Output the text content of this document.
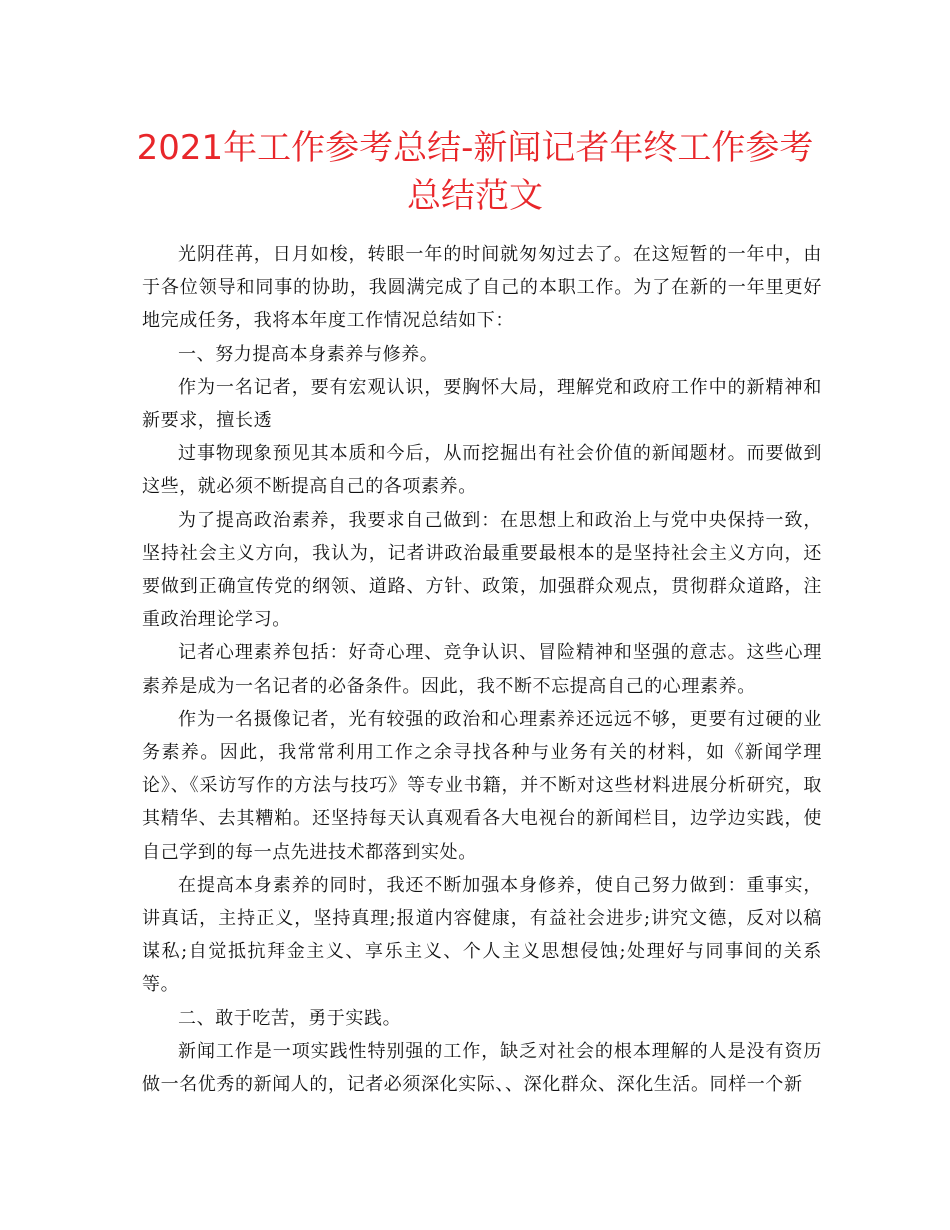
2021年工作参考总结-新闻记者年终工作参考总结范文

光阴荏苒，日月如梭，转眼一年的时间就匆匆过去了。在这短暂的一年中，由于各位领导和同事的协助，我圆满完成了自己的本职工作。为了在新的一年里更好地完成任务，我将本年度工作情况总结如下：

一、努力提高本身素养与修养。

作为一名记者，要有宏观认识，要胸怀大局，理解党和政府工作中的新精神和新要求，擅长透

过事物现象预见其本质和今后，从而挖掘出有社会价值的新闻题材。而要做到这些，就必须不断提高自己的各项素养。

为了提高政治素养，我要求自己做到：在思想上和政治上与党中央保持一致，坚持社会主义方向，我认为，记者讲政治最重要最根本的是坚持社会主义方向，还要做到正确宣传党的纲领、道路、方针、政策，加强群众观点，贯彻群众道路，注重政治理论学习。

记者心理素养包括：好奇心理、竞争认识、冒险精神和坚强的意志。这些心理素养是成为一名记者的必备条件。因此，我不断不忘提高自己的心理素养。

作为一名摄像记者，光有较强的政治和心理素养还远远不够，更要有过硬的业务素养。因此，我常常利用工作之余寻找各种与业务有关的材料，如《新闻学理论》、《采访写作的方法与技巧》等专业书籍，并不断对这些材料进展分析研究，取其精华、去其糟粕。还坚持每天认真观看各大电视台的新闻栏目，边学边实践，使自己学到的每一点先进技术都落到实处。

在提高本身素养的同时，我还不断加强本身修养，使自己努力做到：重事实，讲真话，主持正义，坚持真理;报道内容健康，有益社会进步;讲究文德，反对以稿谋私;自觉抵抗拜金主义、享乐主义、个人主义思想侵蚀;处理好与同事间的关系等。

二、敢于吃苦，勇于实践。

新闻工作是一项实践性特别强的工作，缺乏对社会的根本理解的人是没有资历做一名优秀的新闻人的，记者必须深化实际、、深化群众、深化生活。同样一个新
